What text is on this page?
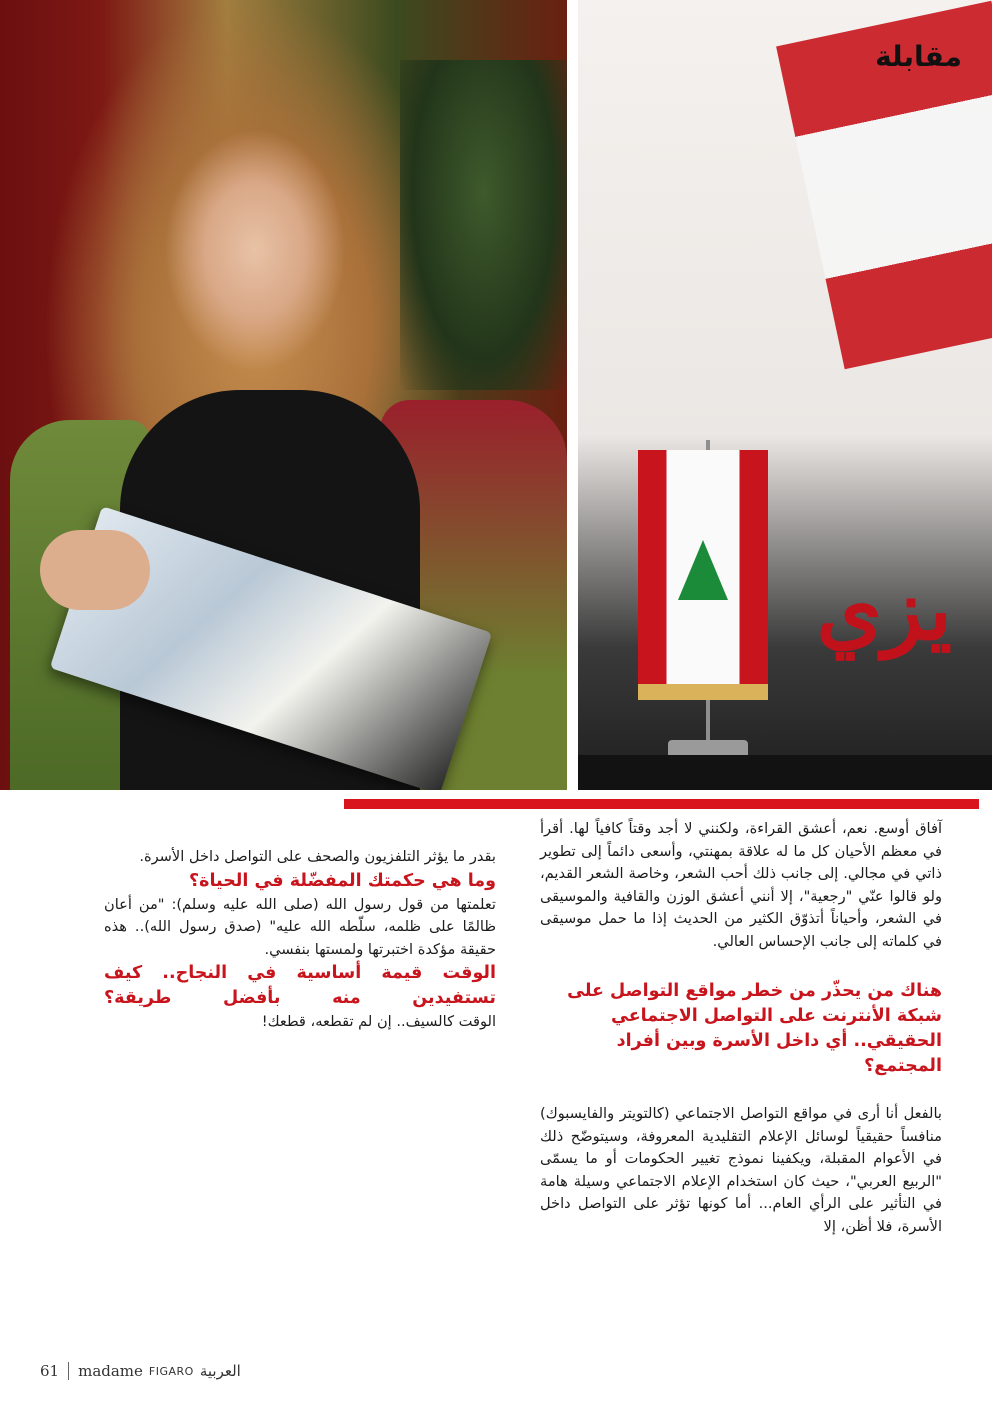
يزي
مقابلة

آفاق أوسع. نعم، أعشق القراءة، ولكنني لا أجد وقتاً كافياً لها. أقرأ في معظم الأحيان كل ما له علاقة بمهنتي، وأسعى دائماً إلى تطوير ذاتي في مجالي. إلى جانب ذلك أحب الشعر، وخاصة الشعر القديم، ولو قالوا عنّي "رجعية"، إلا أنني أعشق الوزن والقافية والموسيقى في الشعر، وأحياناً أتذوّق الكثير من الحديث إذا ما حمل موسيقى في كلماته إلى جانب الإحساس العالي.

هناك من يحذّر من خطر مواقع التواصل على شبكة الأنترنت على التواصل الاجتماعي الحقيقي.. أي داخل الأسرة وبين أفراد المجتمع؟

بالفعل أنا أرى في مواقع التواصل الاجتماعي (كالتويتر والفايسبوك) منافساً حقيقياً لوسائل الإعلام التقليدية المعروفة، وسيتوضّح ذلك في الأعوام المقبلة، ويكفينا نموذج تغيير الحكومات أو ما يسمّى "الربيع العربي"، حيث كان استخدام الإعلام الاجتماعي وسيلة هامة في التأثير على الرأي العام... أما كونها تؤثر على التواصل داخل الأسرة، فلا أظن، إلا

بقدر ما يؤثر التلفزيون والصحف على التواصل داخل الأسرة.

وما هي حكمتك المفضّلة في الحياة؟

تعلمتها من قول رسول الله (صلى الله عليه وسلم): "من أعان ظالمًا على ظلمه، سلّطه الله عليه" (صدق رسول الله).. هذه حقيقة مؤكدة اختبرتها ولمستها بنفسي.

الوقت قيمة أساسية في النجاح.. كيف تستفيدين منه بأفضل طريقة؟

الوقت كالسيف.. إن لم تقطعه، قطعك!

61 madame FIGARO العربية
